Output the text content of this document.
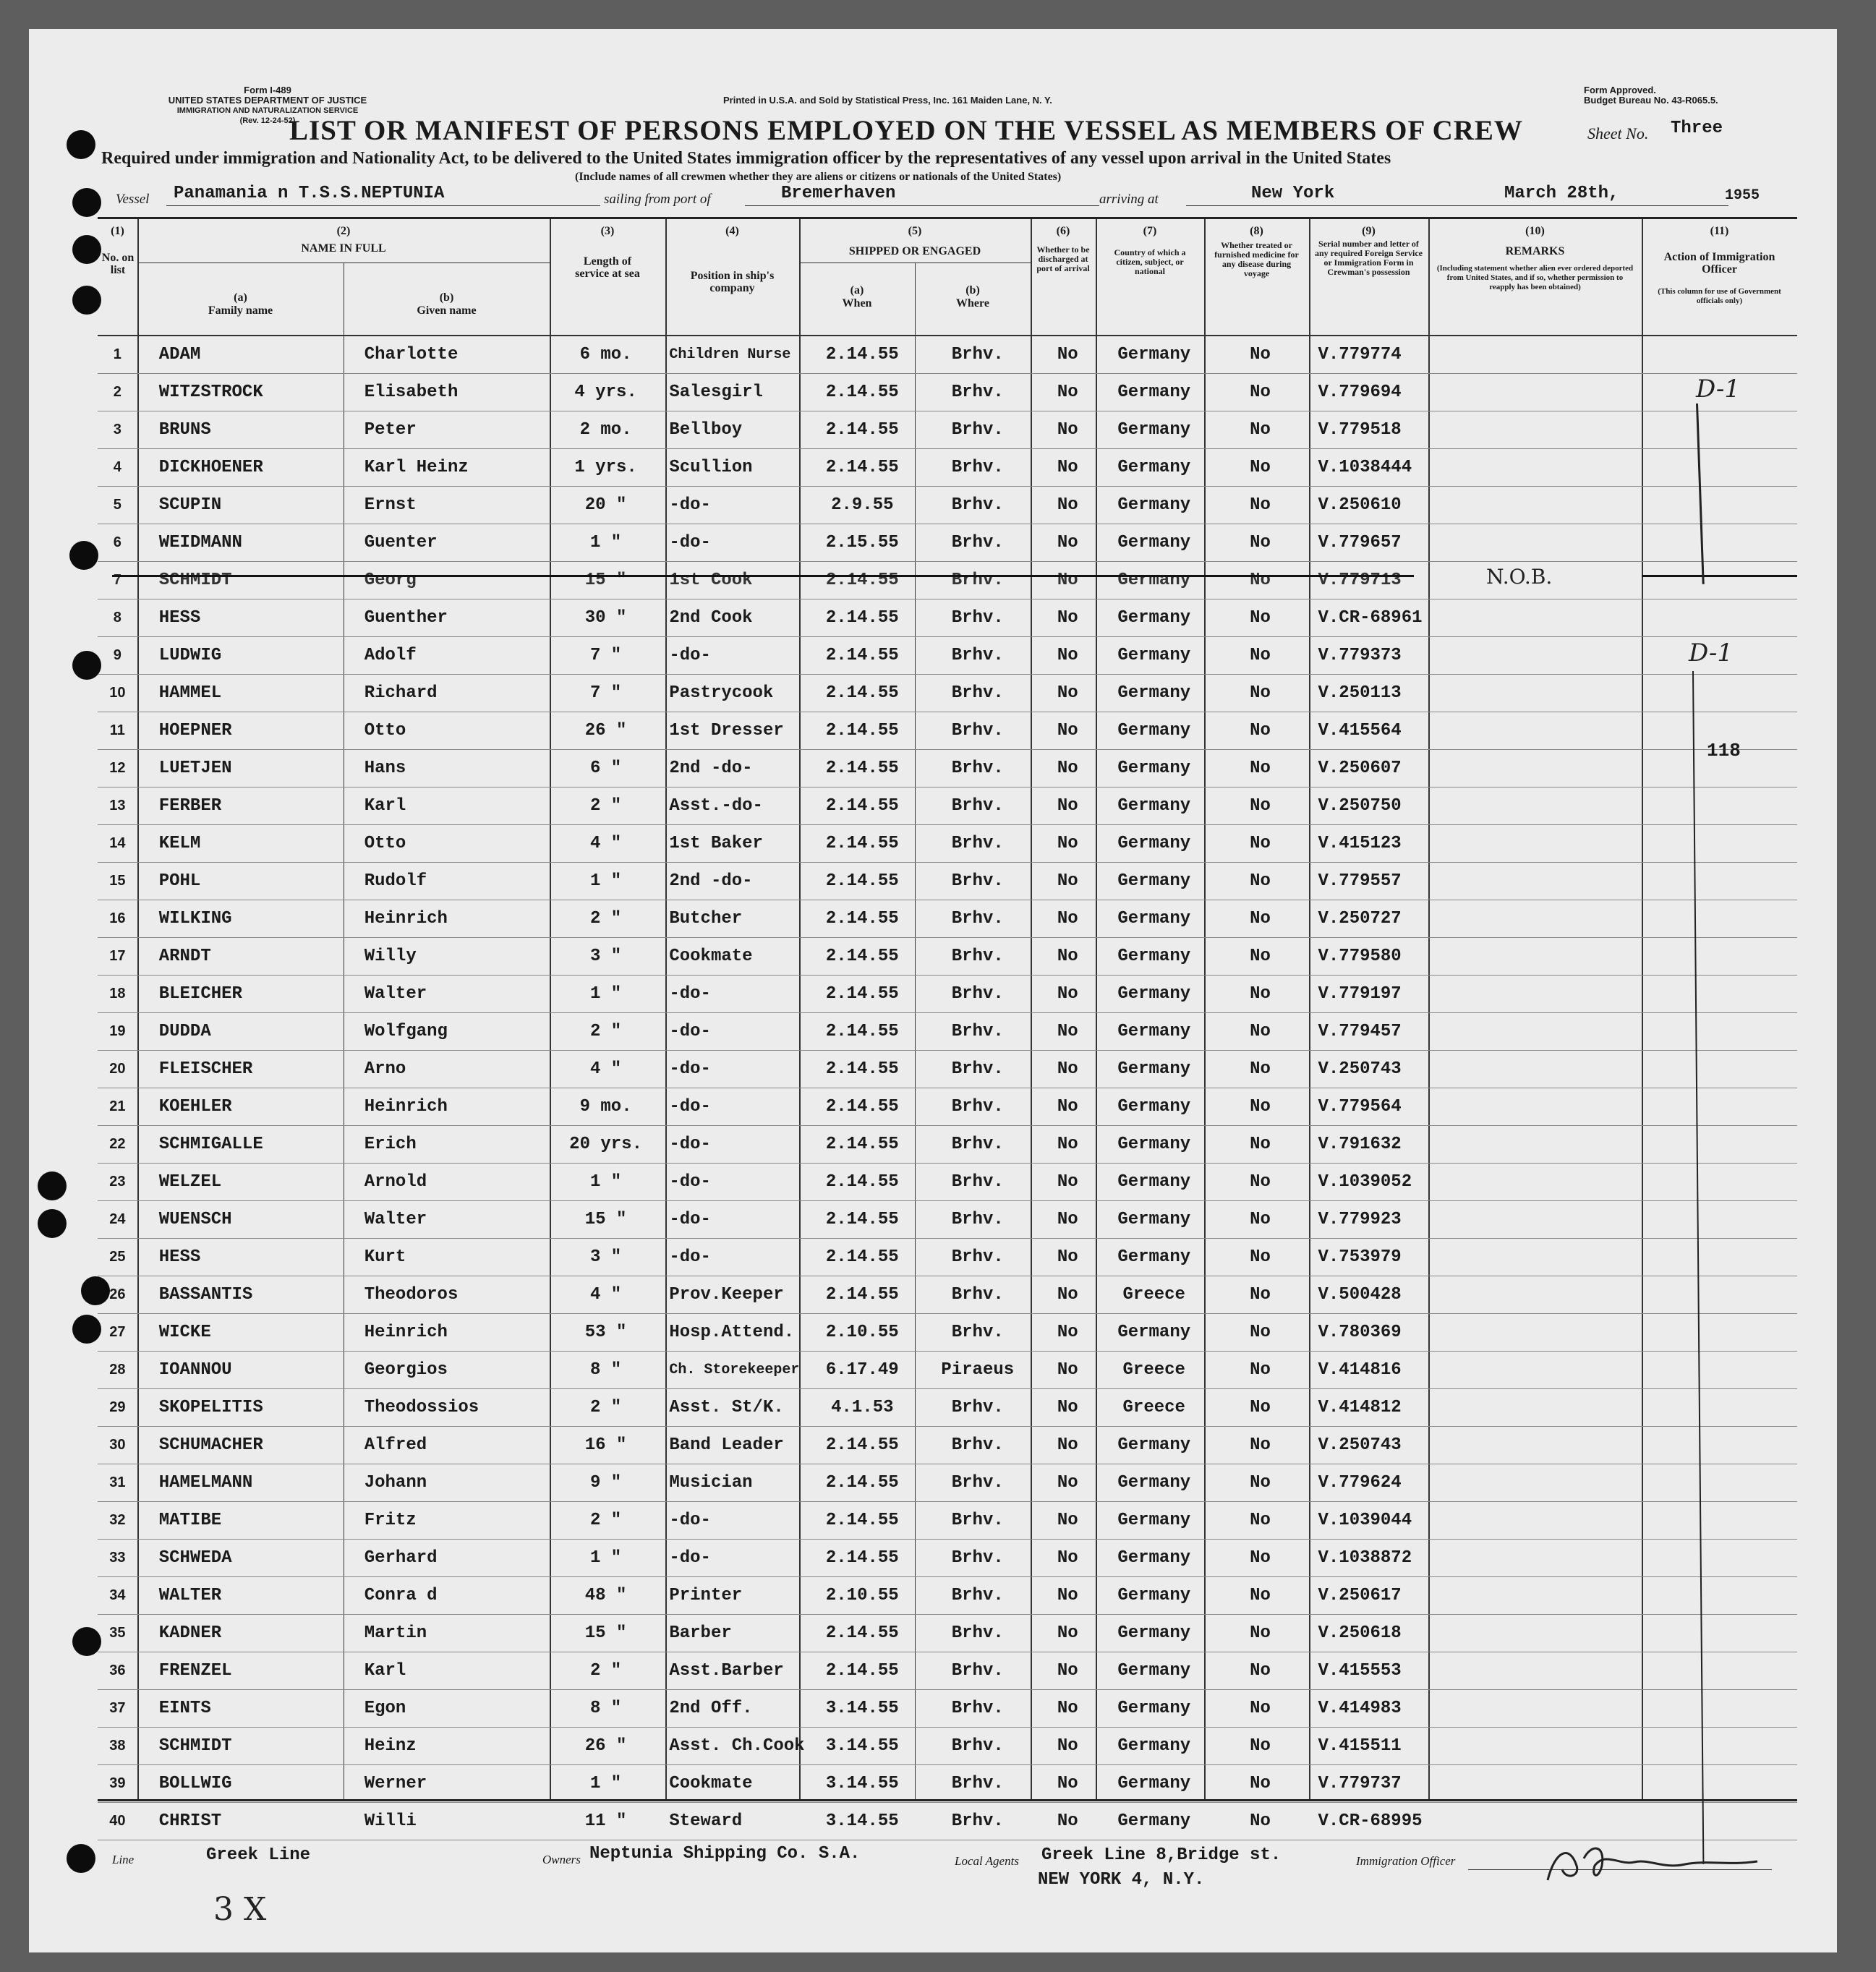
Form I-489
UNITED STATES DEPARTMENT OF JUSTICE
IMMIGRATION AND NATURALIZATION SERVICE
(Rev. 12-24-52)
Printed in U.S.A. and Sold by Statistical Press, Inc. 161 Maiden Lane, N. Y.
Form Approved.
Budget Bureau No. 43-R065.5.
LIST OR MANIFEST OF PERSONS EMPLOYED ON THE VESSEL AS MEMBERS OF CREW	Sheet No. Three
Required under immigration and Nationality Act, to be delivered to the United States immigration officer by the representatives of any vessel upon arrival in the United States
(Include names of all crewmen whether they are aliens or citizens or nationals of the United States)
Vessel Panamania n T.S.S.NEPTUNIA	sailing from port of	Bremerhaven	arriving at	New York	March 28th,	1955
(1)
No. on list
(2)
NAME IN FULL
(a)
Family name
(b)
Given name
(3)
Length of service at sea
(4)
Position in ship's company
(5)
SHIPPED OR ENGAGED
(a)
When
(b)
Where
(6)
Whether to be discharged at port of arrival
(7)
Country of which a citizen, subject, or national
(8)
Whether treated or furnished medicine for any disease during voyage
(9)
Serial number and letter of any required Foreign Service or Immigration Form in Crewman's possession
(10)
REMARKS
(Including statement whether alien ever ordered deported from United States, and if so, whether permission to reapply has been obtained)
(11)
Action of Immigration Officer
(This column for use of Government officials only)
1	ADAM	Charlotte	6 mo.	Children Nurse	2.14.55	Brhv.	No	Germany	No	V.779774		
2	WITZSTROCK	Elisabeth	4 yrs.	Salesgirl	2.14.55	Brhv.	No	Germany	No	V.779694		
3	BRUNS	Peter	2 mo.	Bellboy	2.14.55	Brhv.	No	Germany	No	V.779518		
4	DICKHOENER	Karl Heinz	1 yrs.	Scullion	2.14.55	Brhv.	No	Germany	No	V.1038444		
5	SCUPIN	Ernst	20 "	-do-	2.9.55	Brhv.	No	Germany	No	V.250610		
6	WEIDMANN	Guenter	1 "	-do-	2.15.55	Brhv.	No	Germany	No	V.779657		
7	SCHMIDT	Georg	15 "	1st Cook	2.14.55	Brhv.	No	Germany	No	V.779713		
8	HESS	Guenther	30 "	2nd Cook	2.14.55	Brhv.	No	Germany	No	V.CR-68961		
9	LUDWIG	Adolf	7 "	-do-	2.14.55	Brhv.	No	Germany	No	V.779373		
10	HAMMEL	Richard	7 "	Pastrycook	2.14.55	Brhv.	No	Germany	No	V.250113		
11	HOEPNER	Otto	26 "	1st Dresser	2.14.55	Brhv.	No	Germany	No	V.415564		
12	LUETJEN	Hans	6 "	2nd -do-	2.14.55	Brhv.	No	Germany	No	V.250607		
13	FERBER	Karl	2 "	Asst.-do-	2.14.55	Brhv.	No	Germany	No	V.250750		
14	KELM	Otto	4 "	1st Baker	2.14.55	Brhv.	No	Germany	No	V.415123		
15	POHL	Rudolf	1 "	2nd -do-	2.14.55	Brhv.	No	Germany	No	V.779557		
16	WILKING	Heinrich	2 "	Butcher	2.14.55	Brhv.	No	Germany	No	V.250727		
17	ARNDT	Willy	3 "	Cookmate	2.14.55	Brhv.	No	Germany	No	V.779580		
18	BLEICHER	Walter	1 "	-do-	2.14.55	Brhv.	No	Germany	No	V.779197		
19	DUDDA	Wolfgang	2 "	-do-	2.14.55	Brhv.	No	Germany	No	V.779457		
20	FLEISCHER	Arno	4 "	-do-	2.14.55	Brhv.	No	Germany	No	V.250743		
21	KOEHLER	Heinrich	9 mo.	-do-	2.14.55	Brhv.	No	Germany	No	V.779564		
22	SCHMIGALLE	Erich	20 yrs.	-do-	2.14.55	Brhv.	No	Germany	No	V.791632		
23	WELZEL	Arnold	1 "	-do-	2.14.55	Brhv.	No	Germany	No	V.1039052		
24	WUENSCH	Walter	15 "	-do-	2.14.55	Brhv.	No	Germany	No	V.779923		
25	HESS	Kurt	3 "	-do-	2.14.55	Brhv.	No	Germany	No	V.753979		
26	BASSANTIS	Theodoros	4 "	Prov.Keeper	2.14.55	Brhv.	No	Greece	No	V.500428		
27	WICKE	Heinrich	53 "	Hosp.Attend.	2.10.55	Brhv.	No	Germany	No	V.780369		
28	IOANNOU	Georgios	8 "	Ch. Storekeeper	6.17.49	Piraeus	No	Greece	No	V.414816		
29	SKOPELITIS	Theodossios	2 "	Asst. St/K.	4.1.53	Brhv.	No	Greece	No	V.414812		
30	SCHUMACHER	Alfred	16 "	Band Leader	2.14.55	Brhv.	No	Germany	No	V.250743		
31	HAMELMANN	Johann	9 "	Musician	2.14.55	Brhv.	No	Germany	No	V.779624		
32	MATIBE	Fritz	2 "	-do-	2.14.55	Brhv.	No	Germany	No	V.1039044		
33	SCHWEDA	Gerhard	1 "	-do-	2.14.55	Brhv.	No	Germany	No	V.1038872		
34	WALTER	Conra d	48 "	Printer	2.10.55	Brhv.	No	Germany	No	V.250617		
35	KADNER	Martin	15 "	Barber	2.14.55	Brhv.	No	Germany	No	V.250618		
36	FRENZEL	Karl	2 "	Asst.Barber	2.14.55	Brhv.	No	Germany	No	V.415553		
37	EINTS	Egon	8 "	2nd Off.	3.14.55	Brhv.	No	Germany	No	V.414983		
38	SCHMIDT	Heinz	26 "	Asst. Ch.Cook	3.14.55	Brhv.	No	Germany	No	V.415511		
39	BOLLWIG	Werner	1 "	Cookmate	3.14.55	Brhv.	No	Germany	No	V.779737		
40	CHRIST	Willi	11 "	Steward	3.14.55	Brhv.	No	Germany	No	V.CR-68995		
D-1
N.O.B.
D-1
118
Line	Greek Line	Owners Neptunia Shipping Co. S.A.	Local Agents Greek Line 8,Bridge st.
NEW YORK 4, N.Y.
Immigration Officer
3 X
